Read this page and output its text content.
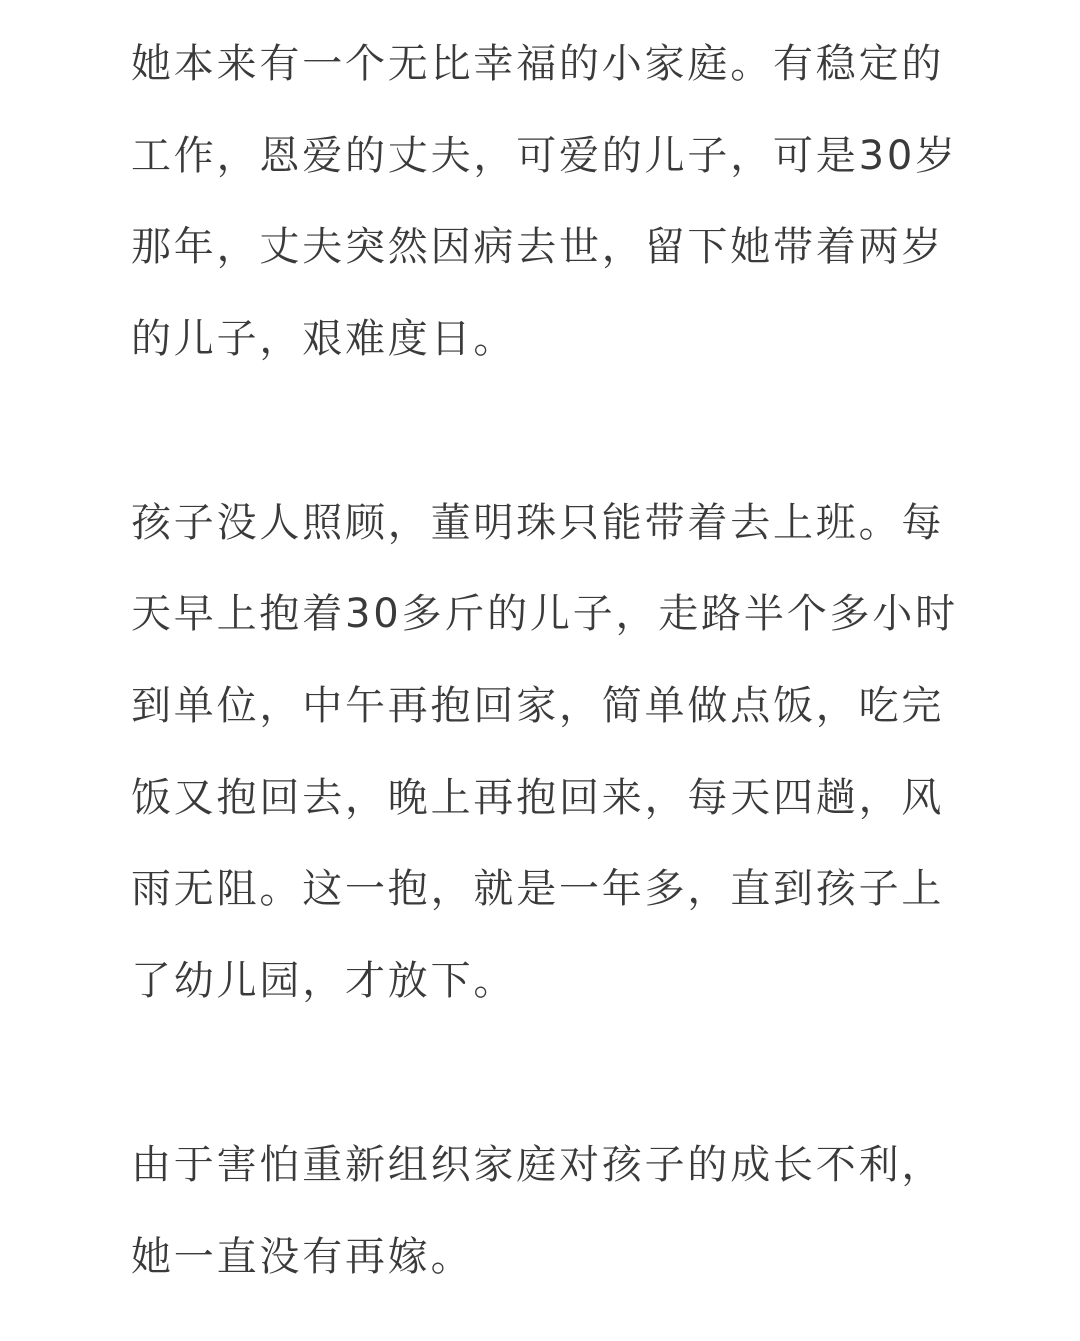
她本来有一个无比幸福的小家庭。有稳定的
工作，恩爱的丈夫，可爱的儿子，可是30岁
那年，丈夫突然因病去世，留下她带着两岁
的儿子，艰难度日。
孩子没人照顾，董明珠只能带着去上班。每
天早上抱着30多斤的儿子，走路半个多小时
到单位，中午再抱回家，简单做点饭，吃完
饭又抱回去，晚上再抱回来，每天四趟，风
雨无阻。这一抱，就是一年多，直到孩子上
了幼儿园，才放下。
由于害怕重新组织家庭对孩子的成长不利，
她一直没有再嫁。
